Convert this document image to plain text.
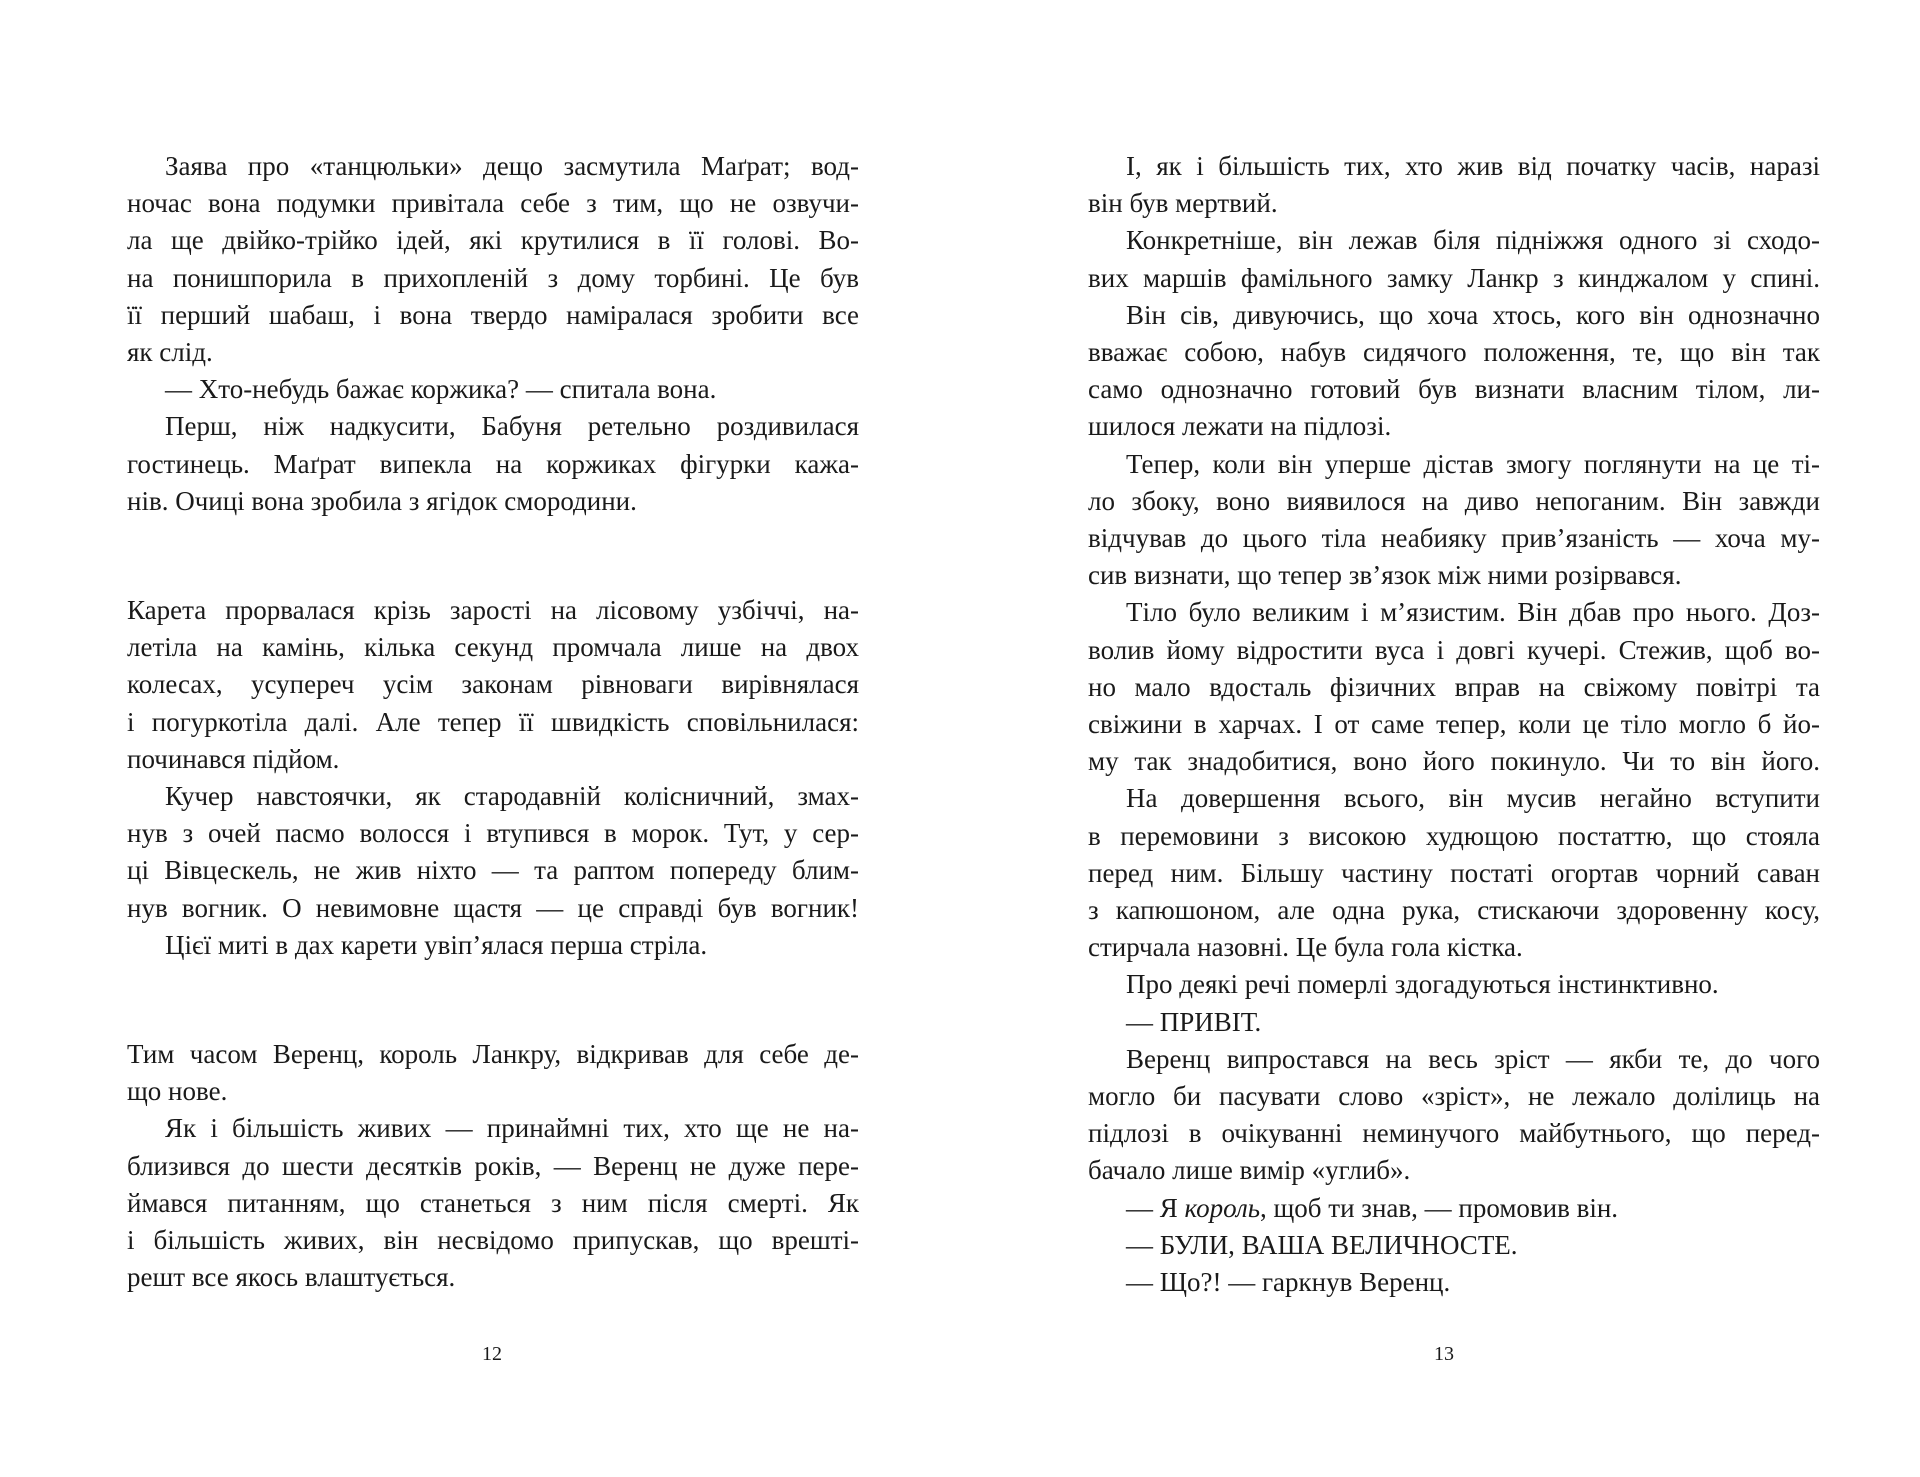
Заява про «танцюльки» дещо засмутила Маґрат; вод-
ночас вона подумки привітала себе з тим, що не озвучи-
ла ще двійко-трійко ідей, які крутилися в її голові. Во-
на понишпорила в прихопленій з дому торбині. Це був
її перший шабаш, і вона твердо наміралася зробити все
як слід.
— Хто-небудь бажає коржика? — спитала вона.
Перш, ніж надкусити, Бабуня ретельно роздивилася
гостинець. Маґрат випекла на коржиках фігурки кажа-
нів. Очиці вона зробила з ягідок смородини.
Карета прорвалася крізь зарості на лісовому узбіччі, на-
летіла на камінь, кілька секунд промчала лише на двох
колесах, усупереч усім законам рівноваги вирівнялася
і погуркотіла далі. Але тепер її швидкість сповільнилася:
починався підйом.
Кучер навстоячки, як стародавній колісничний, змах-
нув з очей пасмо волосся і втупився в морок. Тут, у сер-
ці Вівцескель, не жив ніхто — та раптом попереду блим-
нув вогник. О невимовне щастя — це справді був вогник!
Цієї миті в дах карети увіп’ялася перша стріла.
Тим часом Веренц, король Ланкру, відкривав для себе де-
що нове.
Як і більшість живих — принаймні тих, хто ще не на-
близився до шести десятків років, — Веренц не дуже пере-
ймався питанням, що станеться з ним після смерті. Як
і більшість живих, він несвідомо припускав, що врешті-
решт все якось влаштується.
12
І, як і більшість тих, хто жив від початку часів, наразі
він був мертвий.
Конкретніше, він лежав біля підніжжя одного зі сходо-
вих маршів фамільного замку Ланкр з кинджалом у спині.
Він сів, дивуючись, що хоча хтось, кого він однозначно
вважає собою, набув сидячого положення, те, що він так
само однозначно готовий був визнати власним тілом, ли-
шилося лежати на підлозі.
Тепер, коли він уперше дістав змогу поглянути на це ті-
ло збоку, воно виявилося на диво непоганим. Він завжди
відчував до цього тіла неабияку прив’язаність — хоча му-
сив визнати, що тепер зв’язок між ними розірвався.
Тіло було великим і м’язистим. Він дбав про нього. Доз-
волив йому відростити вуса і довгі кучері. Стежив, щоб во-
но мало вдосталь фізичних вправ на свіжому повітрі та
свіжини в харчах. І от саме тепер, коли це тіло могло б йо-
му так знадобитися, воно його покинуло. Чи то він його.
На довершення всього, він мусив негайно вступити
в перемовини з високою худющою постаттю, що стояла
перед ним. Більшу частину постаті огортав чорний саван
з капюшоном, але одна рука, стискаючи здоровенну косу,
стирчала назовні. Це була гола кістка.
Про деякі речі померлі здогадуються інстинктивно.
— ПРИВІТ.
Веренц випростався на весь зріст — якби те, до чого
могло би пасувати слово «зріст», не лежало долілиць на
підлозі в очікуванні неминучого майбутнього, що перед-
бачало лише вимір «углиб».
— Я король, щоб ти знав, — промовив він.
— БУЛИ, ВАША ВЕЛИЧНОСТЕ.
— Що?! — гаркнув Веренц.
13
